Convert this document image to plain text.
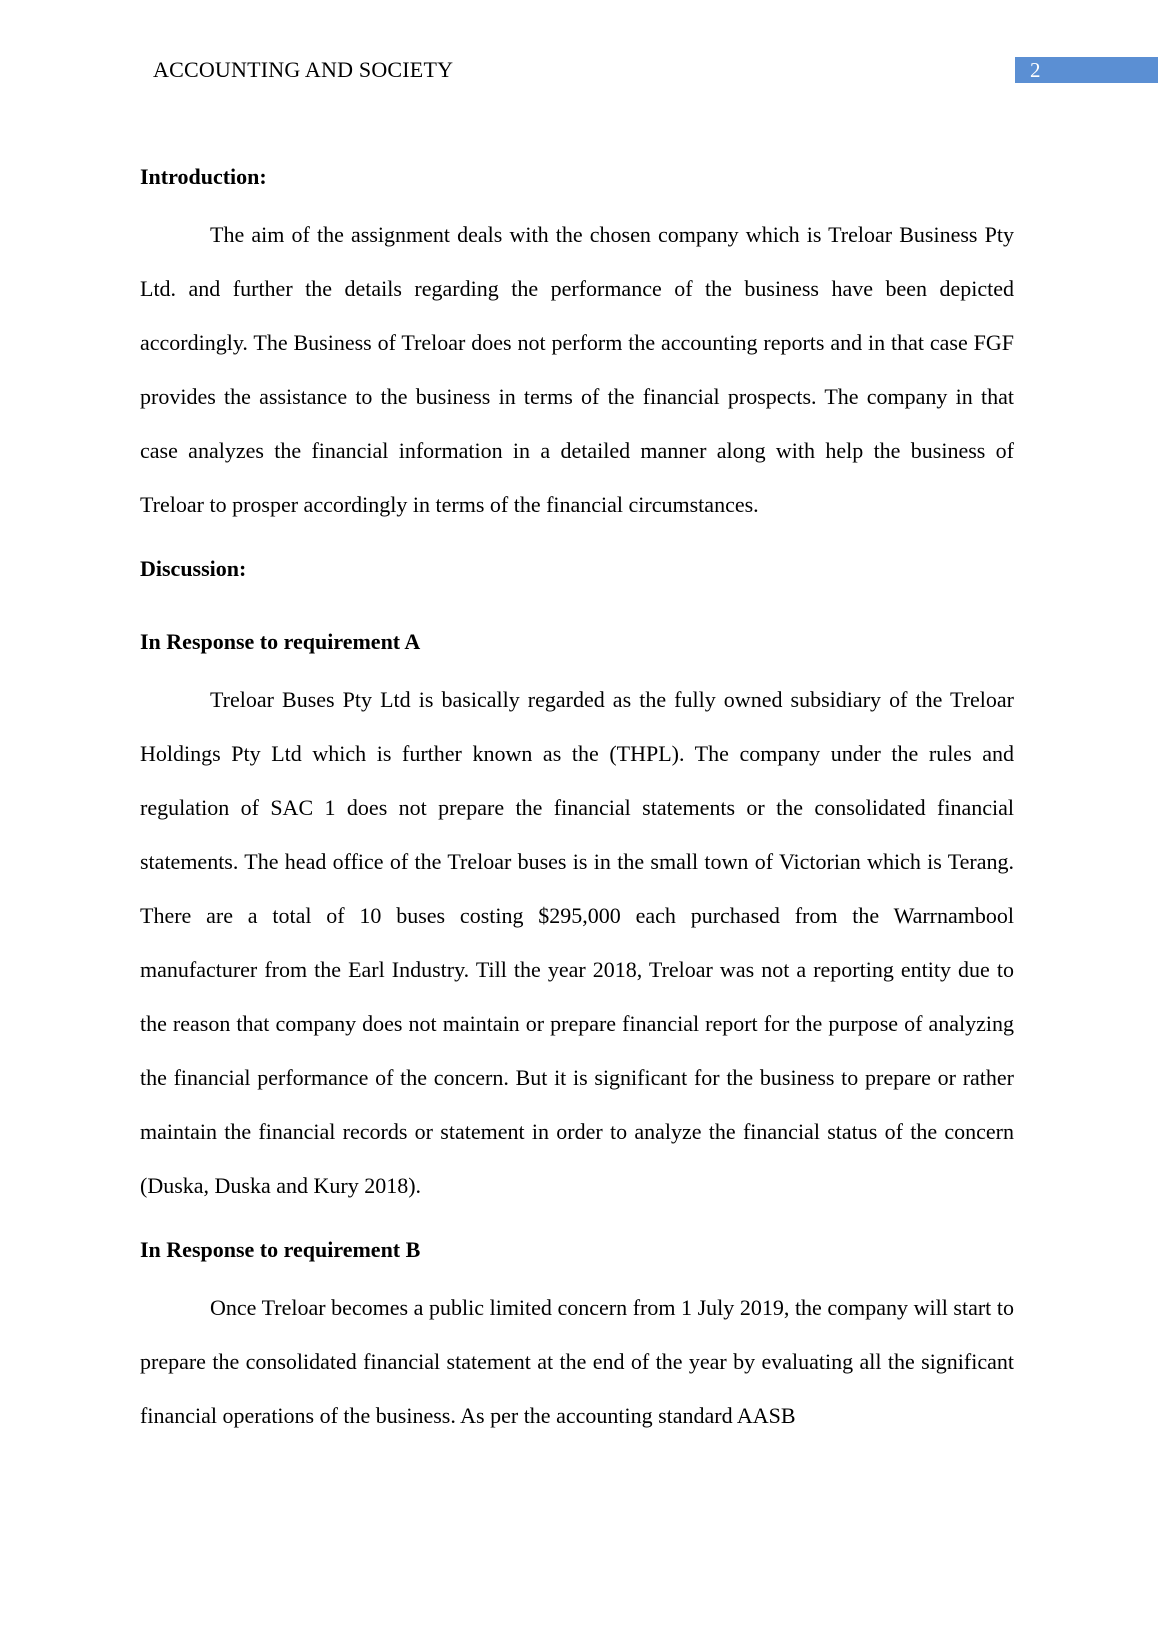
ACCOUNTING AND SOCIETY	2

Introduction:

The aim of the assignment deals with the chosen company which is Treloar Business Pty Ltd. and further the details regarding the performance of the business have been depicted accordingly. The Business of Treloar does not perform the accounting reports and in that case FGF provides the assistance to the business in terms of the financial prospects. The company in that case analyzes the financial information in a detailed manner along with help the business of Treloar to prosper accordingly in terms of the financial circumstances.

Discussion:

In Response to requirement A

Treloar Buses Pty Ltd is basically regarded as the fully owned subsidiary of the Treloar Holdings Pty Ltd which is further known as the (THPL). The company under the rules and regulation of SAC 1 does not prepare the financial statements or the consolidated financial statements. The head office of the Treloar buses is in the small town of Victorian which is Terang. There are a total of 10 buses costing $295,000 each purchased from the Warrnambool manufacturer from the Earl Industry. Till the year 2018, Treloar was not a reporting entity due to the reason that company does not maintain or prepare financial report for the purpose of analyzing the financial performance of the concern. But it is significant for the business to prepare or rather maintain the financial records or statement in order to analyze the financial status of the concern (Duska, Duska and Kury 2018).

In Response to requirement B

Once Treloar becomes a public limited concern from 1 July 2019, the company will start to prepare the consolidated financial statement at the end of the year by evaluating all the significant financial operations of the business. As per the accounting standard AASB
